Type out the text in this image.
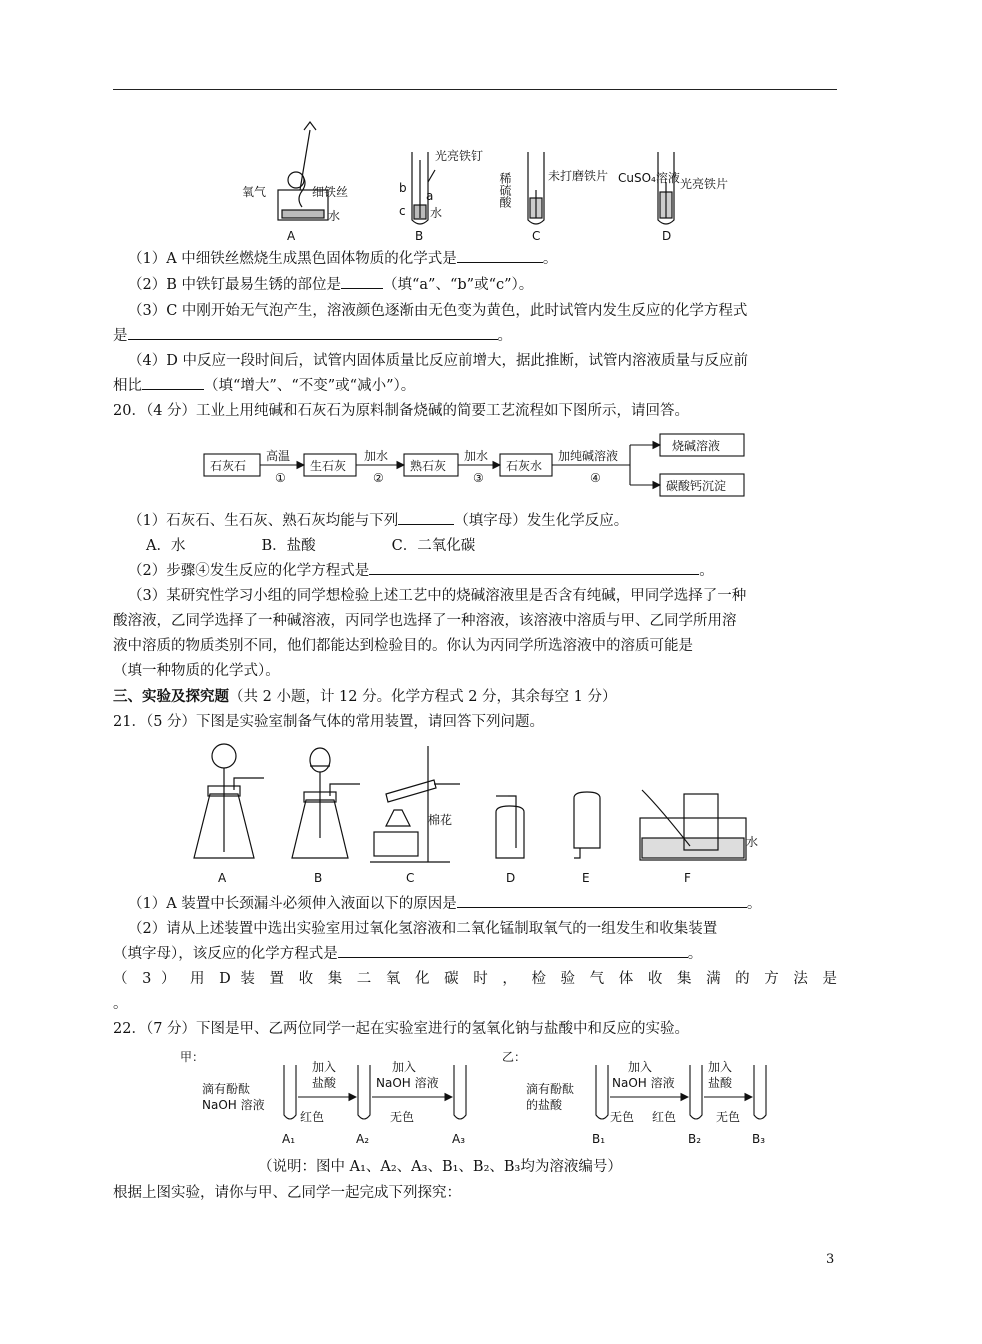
氧气	细铁丝
水
A
光亮铁钉
b
a
c 水
B
稀硫酸	未打磨铁片
C
CuSO₄溶液 光亮铁片
D
（1）A 中细铁丝燃烧生成黑色固体物质的化学式是	。
（2）B 中铁钉最易生锈的部位是	（填“a”、“b”或“c”）。
（3）C 中刚开始无气泡产生，溶液颜色逐渐由无色变为黄色，此时试管内发生反应的化学方程式
是	。
（4）D 中反应一段时间后，试管内固体质量比反应前增大，据此推断，试管内溶液质量与反应前
相比	（填“增大”、“不变”或“减小”）。
20．（4 分）工业上用纯碱和石灰石为原料制备烧碱的简要工艺流程如下图所示，请回答。
石灰石	生石灰	熟石灰	石灰水
烧碱溶液
碳酸钙沉淀
高温	加水	加水	加纯碱溶液
①	②	③	④
（1）石灰石、生石灰、熟石灰均能与下列	（填字母）发生化学反应。
A．水	B．盐酸	C．二氧化碳
（2）步骤④发生反应的化学方程式是	。
（3）某研究性学习小组的同学想检验上述工艺中的烧碱溶液里是否含有纯碱，甲同学选择了一种
酸溶液，乙同学选择了一种碱溶液，丙同学也选择了一种溶液，该溶液中溶质与甲、乙同学所用溶
液中溶质的物质类别不同，他们都能达到检验目的。你认为丙同学所选溶液中的溶质可能是
（填一种物质的化学式）。
三、实验及探究题（共 2 小题，计 12 分。化学方程式 2 分，其余每空 1 分）
21．（5 分）下图是实验室制备气体的常用装置，请回答下列问题。
棉花
水
A	B	C	D	E	F
（1）A 装置中长颈漏斗必须伸入液面以下的原因是	。
（2）请从上述装置中选出实验室用过氧化氢溶液和二氧化锰制取氧气的一组发生和收集装置
（填字母），该反应的化学方程式是	。
（ 3 ） 用 D 装 置 收 集 二 氧 化 碳 时 ， 检 验 气 体 收 集 满 的 方 法 是
。
22．（7 分）下图是甲、乙两位同学一起在实验室进行的氢氧化钠与盐酸中和反应的实验。
甲：
滴有酚酞
NaOH 溶液
加入
盐酸
加入
NaOH 溶液
红色	无色
A₁	A₂	A₃
乙：
滴有酚酞
的盐酸
加入
NaOH 溶液
加入
盐酸
无色 红色	无色
B₁	B₂	B₃
（说明：图中 A₁、A₂、A₃、B₁、B₂、B₃均为溶液编号）
根据上图实验，请你与甲、乙同学一起完成下列探究：
3
